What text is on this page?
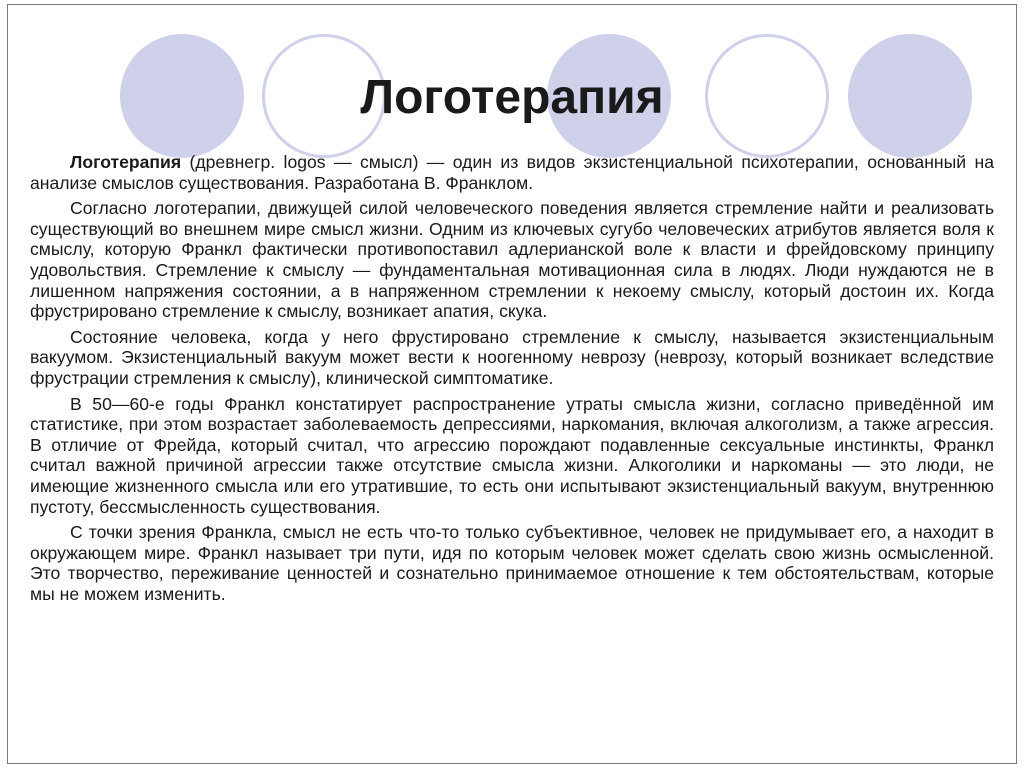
Логотерапия

Логотерапия (древнегр. logos — смысл) — один из видов экзистенциальной психотерапии, основанный на анализе смыслов существования. Разработана В. Франклом.

Согласно логотерапии, движущей силой человеческого поведения является стремление найти и реализовать существующий во внешнем мире смысл жизни. Одним из ключевых сугубо человеческих атрибутов является воля к смыслу, которую Франкл фактически противопоставил адлерианской воле к власти и фрейдовскому принципу удовольствия. Стремление к смыслу — фундаментальная мотивационная сила в людях. Люди нуждаются не в лишенном напряжения состоянии, а в напряженном стремлении к некоему смыслу, который достоин их. Когда фрустрировано стремление к смыслу, возникает апатия, скука.

Состояние человека, когда у него фрустировано стремление к смыслу, называется экзистенциальным вакуумом. Экзистенциальный вакуум может вести к ноогенному неврозу (неврозу, который возникает вследствие фрустрации стремления к смыслу), клинической симптоматике.

В 50—60-е годы Франкл констатирует распространение утраты смысла жизни, согласно приведённой им статистике, при этом возрастает заболеваемость депрессиями, наркомания, включая алкоголизм, а также агрессия. В отличие от Фрейда, который считал, что агрессию порождают подавленные сексуальные инстинкты, Франкл считал важной причиной агрессии также отсутствие смысла жизни. Алкоголики и наркоманы — это люди, не имеющие жизненного смысла или его утратившие, то есть они испытывают экзистенциальный вакуум, внутреннюю пустоту, бессмысленность существования.

С точки зрения Франкла, смысл не есть что-то только субъективное, человек не придумывает его, а находит в окружающем мире. Франкл называет три пути, идя по которым человек может сделать свою жизнь осмысленной. Это творчество, переживание ценностей и сознательно принимаемое отношение к тем обстоятельствам, которые мы не можем изменить.
